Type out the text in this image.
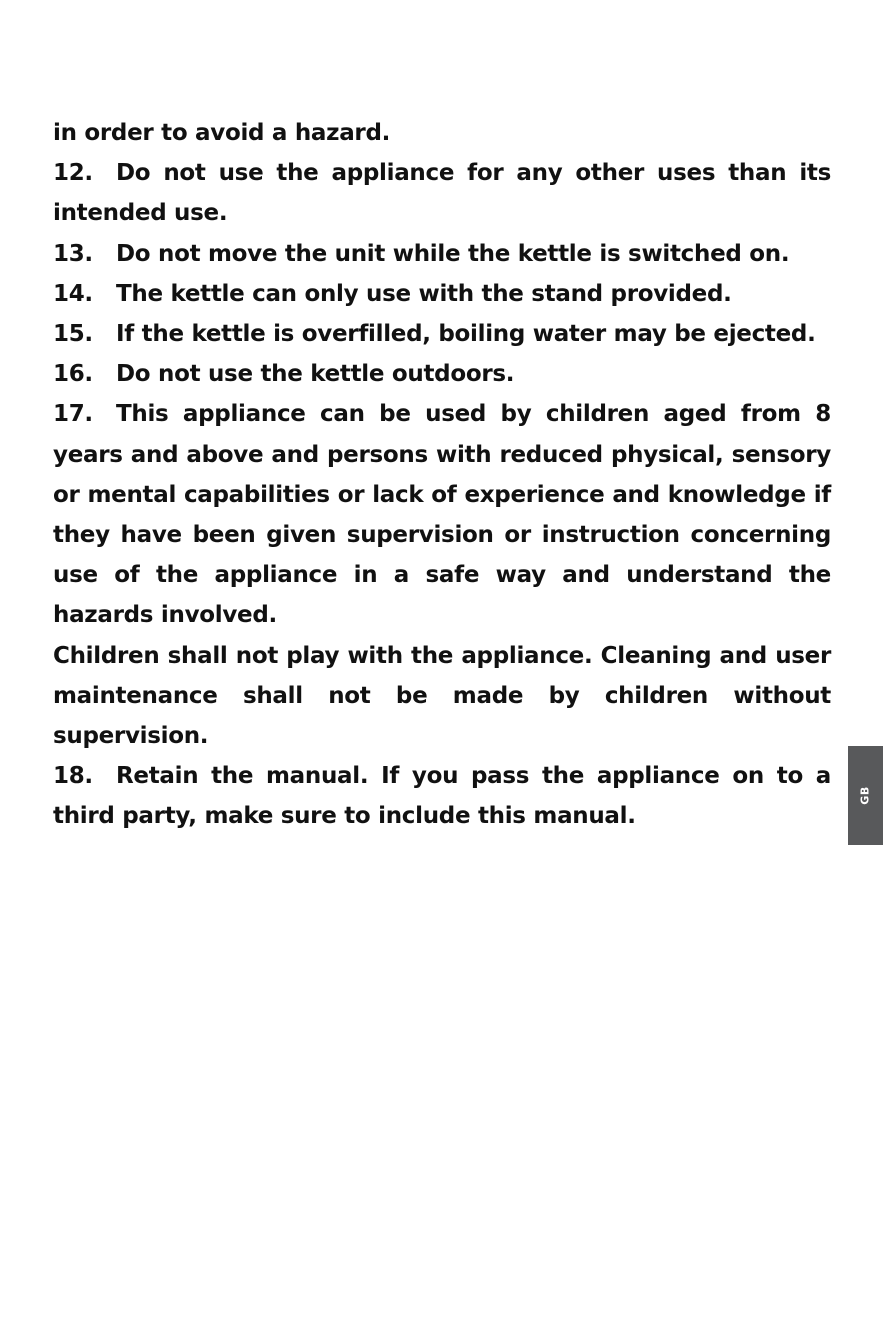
in order to avoid a hazard.

12. Do not use the appliance for any other uses than its intended use.

13. Do not move the unit while the kettle is switched on.

14. The kettle can only use with the stand provided.

15. If the kettle is overfilled, boiling water may be ejected.

16. Do not use the kettle outdoors.

17. This appliance can be used by children aged from 8 years and above and persons with reduced physical, sensory or mental capabilities or lack of experience and knowledge if they have been given supervision or instruction concerning use of the appliance in a safe way and understand the hazards involved.

Children shall not play with the appliance. Cleaning and user maintenance shall not be made by children without supervision.

18. Retain the manual. If you pass the appliance on to a third party, make sure to include this manual.

GB
